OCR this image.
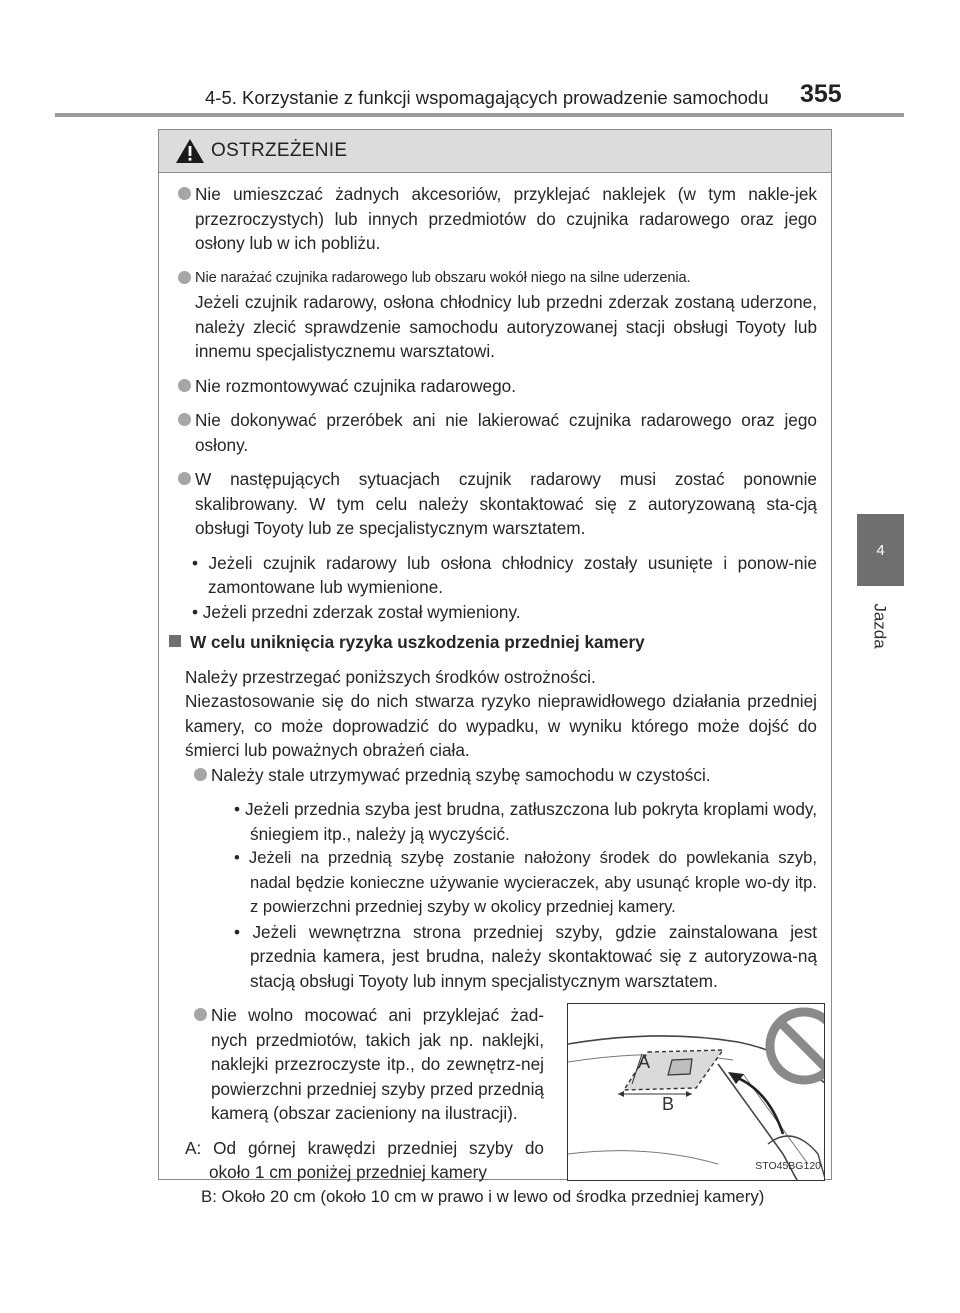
4-5. Korzystanie z funkcji wspomagających prowadzenie samochodu 355
4
Jazda
OSTRZEŻENIE

Nie umieszczać żadnych akcesoriów, przyklejać naklejek (w tym nakle-jek przezroczystych) lub innych przedmiotów do czujnika radarowego oraz jego osłony lub w ich pobliżu.

Nie narażać czujnika radarowego lub obszaru wokół niego na silne uderzenia.

Jeżeli czujnik radarowy, osłona chłodnicy lub przedni zderzak zostaną uderzone, należy zlecić sprawdzenie samochodu autoryzowanej stacji obsługi Toyoty lub innemu specjalistycznemu warsztatowi.

Nie rozmontowywać czujnika radarowego.

Nie dokonywać przeróbek ani nie lakierować czujnika radarowego oraz jego osłony.

W następujących sytuacjach czujnik radarowy musi zostać ponownie skalibrowany. W tym celu należy skontaktować się z autoryzowaną sta-cją obsługi Toyoty lub ze specjalistycznym warsztatem.

• Jeżeli czujnik radarowy lub osłona chłodnicy zostały usunięte i ponow-nie zamontowane lub wymienione.

• Jeżeli przedni zderzak został wymieniony.

W celu uniknięcia ryzyka uszkodzenia przedniej kamery

Należy przestrzegać poniższych środków ostrożności.

Niezastosowanie się do nich stwarza ryzyko nieprawidłowego działania przedniej kamery, co może doprowadzić do wypadku, w wyniku którego może dojść do śmierci lub poważnych obrażeń ciała.

Należy stale utrzymywać przednią szybę samochodu w czystości.

• Jeżeli przednia szyba jest brudna, zatłuszczona lub pokryta kroplami wody, śniegiem itp., należy ją wyczyścić.

• Jeżeli na przednią szybę zostanie nałożony środek do powlekania szyb, nadal będzie konieczne używanie wycieraczek, aby usunąć krople wo-dy itp. z powierzchni przedniej szyby w okolicy przedniej kamery.

• Jeżeli wewnętrzna strona przedniej szyby, gdzie zainstalowana jest przednia kamera, jest brudna, należy skontaktować się z autoryzowa-ną stacją obsługi Toyoty lub innym specjalistycznym warsztatem.

Nie wolno mocować ani przyklejać żad-nych przedmiotów, takich jak np. naklejki, naklejki przezroczyste itp., do zewnętrz-nej powierzchni przedniej szyby przed przednią kamerą (obszar zacieniony na ilustracji).

A: Od górnej krawędzi przedniej szyby do około 1 cm poniżej przedniej kamery

A
B
STO45BG120

B: Około 20 cm (około 10 cm w prawo i w lewo od środka przedniej kamery)
